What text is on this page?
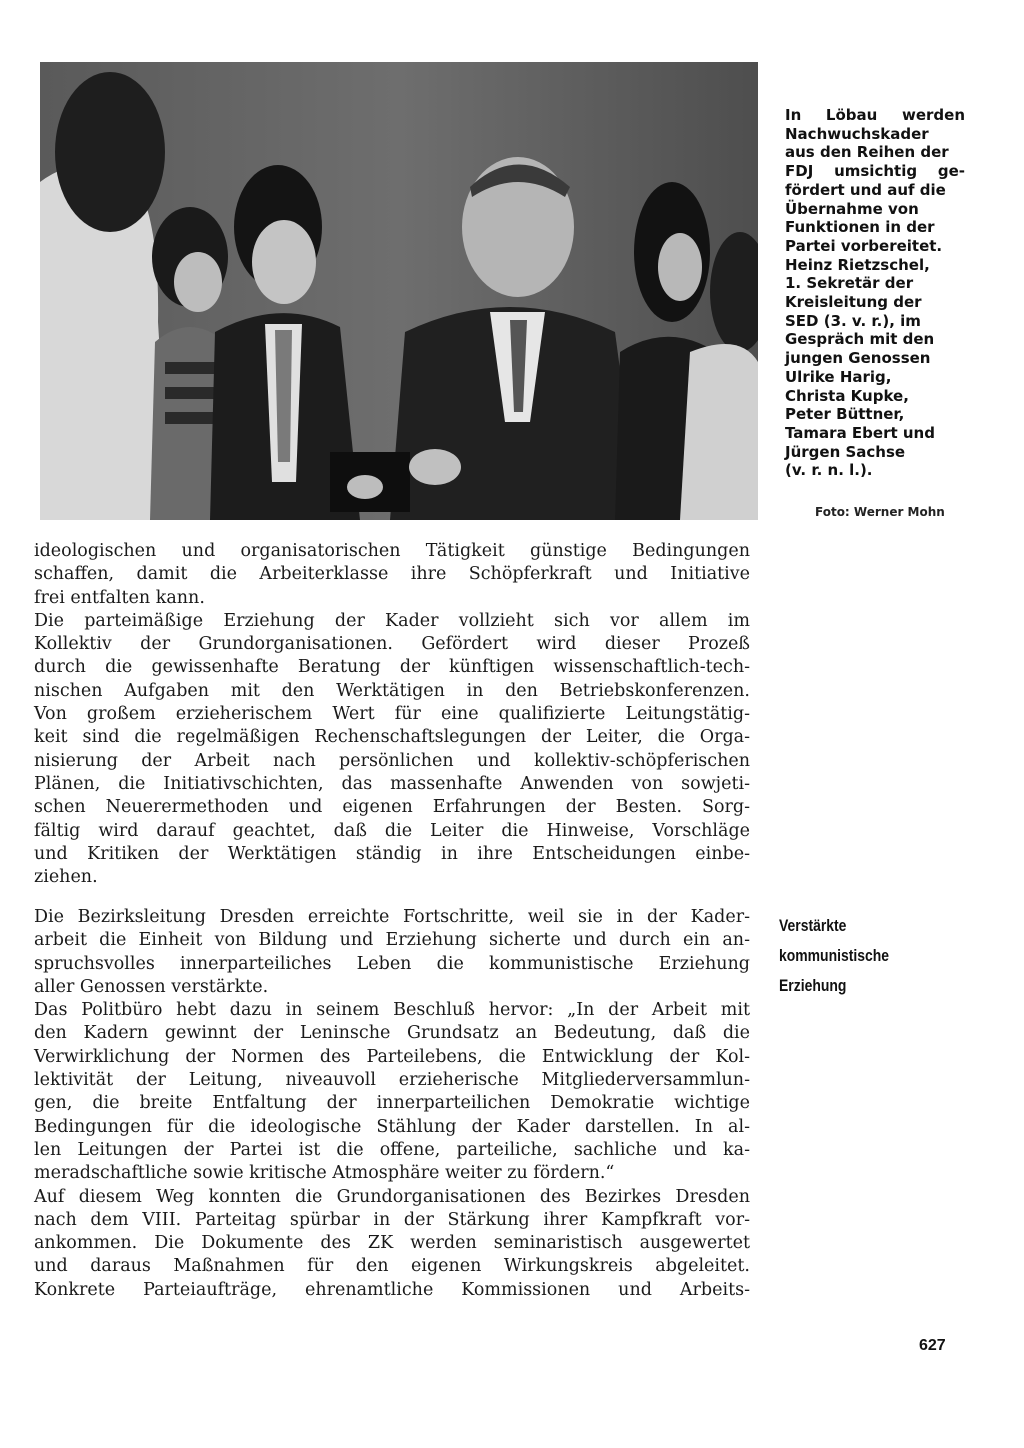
In Löbau werden
Nachwuchskader
aus den Reihen der
FDJ umsichtig ge-
fördert und auf die
Übernahme von
Funktionen in der
Partei vorbereitet.
Heinz Rietzschel,
1. Sekretär der
Kreisleitung der
SED (3. v. r.), im
Gespräch mit den
jungen Genossen
Ulrike Harig,
Christa Kupke,
Peter Büttner,
Tamara Ebert und
Jürgen Sachse
(v. r. n. l.).
Foto: Werner Mohn
ideologischen und organisatorischen Tätigkeit günstige Bedingungen
schaffen, damit die Arbeiterklasse ihre Schöpferkraft und Initiative
frei entfalten kann.
Die parteimäßige Erziehung der Kader vollzieht sich vor allem im
Kollektiv der Grundorganisationen. Gefördert wird dieser Prozeß
durch die gewissenhafte Beratung der künftigen wissenschaftlich-tech-
nischen Aufgaben mit den Werktätigen in den Betriebskonferenzen.
Von großem erzieherischem Wert für eine qualifizierte Leitungstätig-
keit sind die regelmäßigen Rechenschaftslegungen der Leiter, die Orga-
nisierung der Arbeit nach persönlichen und kollektiv-schöpferischen
Plänen, die Initiativschichten, das massenhafte Anwenden von sowjeti-
schen Neuerermethoden und eigenen Erfahrungen der Besten. Sorg-
fältig wird darauf geachtet, daß die Leiter die Hinweise, Vorschläge
und Kritiken der Werktätigen ständig in ihre Entscheidungen einbe-
ziehen.
Verstärkte
kommunistische
Erziehung
Die Bezirksleitung Dresden erreichte Fortschritte, weil sie in der Kader-
arbeit die Einheit von Bildung und Erziehung sicherte und durch ein an-
spruchsvolles innerparteiliches Leben die kommunistische Erziehung
aller Genossen verstärkte.
Das Politbüro hebt dazu in seinem Beschluß hervor: „In der Arbeit mit
den Kadern gewinnt der Leninsche Grundsatz an Bedeutung, daß die
Verwirklichung der Normen des Parteilebens, die Entwicklung der Kol-
lektivität der Leitung, niveauvoll erzieherische Mitgliederversammlun-
gen, die breite Entfaltung der innerparteilichen Demokratie wichtige
Bedingungen für die ideologische Stählung der Kader darstellen. In al-
len Leitungen der Partei ist die offene, parteiliche, sachliche und ka-
meradschaftliche sowie kritische Atmosphäre weiter zu fördern.“
Auf diesem Weg konnten die Grundorganisationen des Bezirkes Dresden
nach dem VIII. Parteitag spürbar in der Stärkung ihrer Kampfkraft vor-
ankommen. Die Dokumente des ZK werden seminaristisch ausgewertet
und daraus Maßnahmen für den eigenen Wirkungskreis abgeleitet.
Konkrete Parteiaufträge, ehrenamtliche Kommissionen und Arbeits-
627
